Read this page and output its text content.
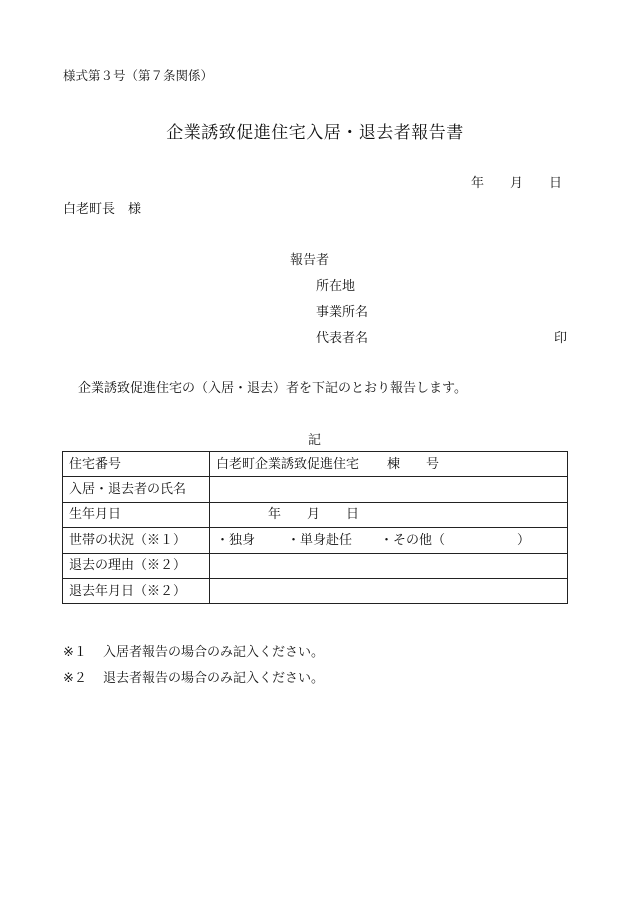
様式第３号（第７条関係）
企業誘致促進住宅入居・退去者報告書
年 月 日
白老町長　様
報告者
所在地
事業所名
代表者名	印
企業誘致促進住宅の（入居・退去）者を下記のとおり報告します。
記
住宅番号	白老町企業誘致促進住宅 棟 号
入居・退去者の氏名	
生年月日	年 月 日
世帯の状況（※１）	・独身 ・単身赴任 ・その他（ ）
退去の理由（※２）	
退去年月日（※２）	
※１ 入居者報告の場合のみ記入ください。
※２ 退去者報告の場合のみ記入ください。
